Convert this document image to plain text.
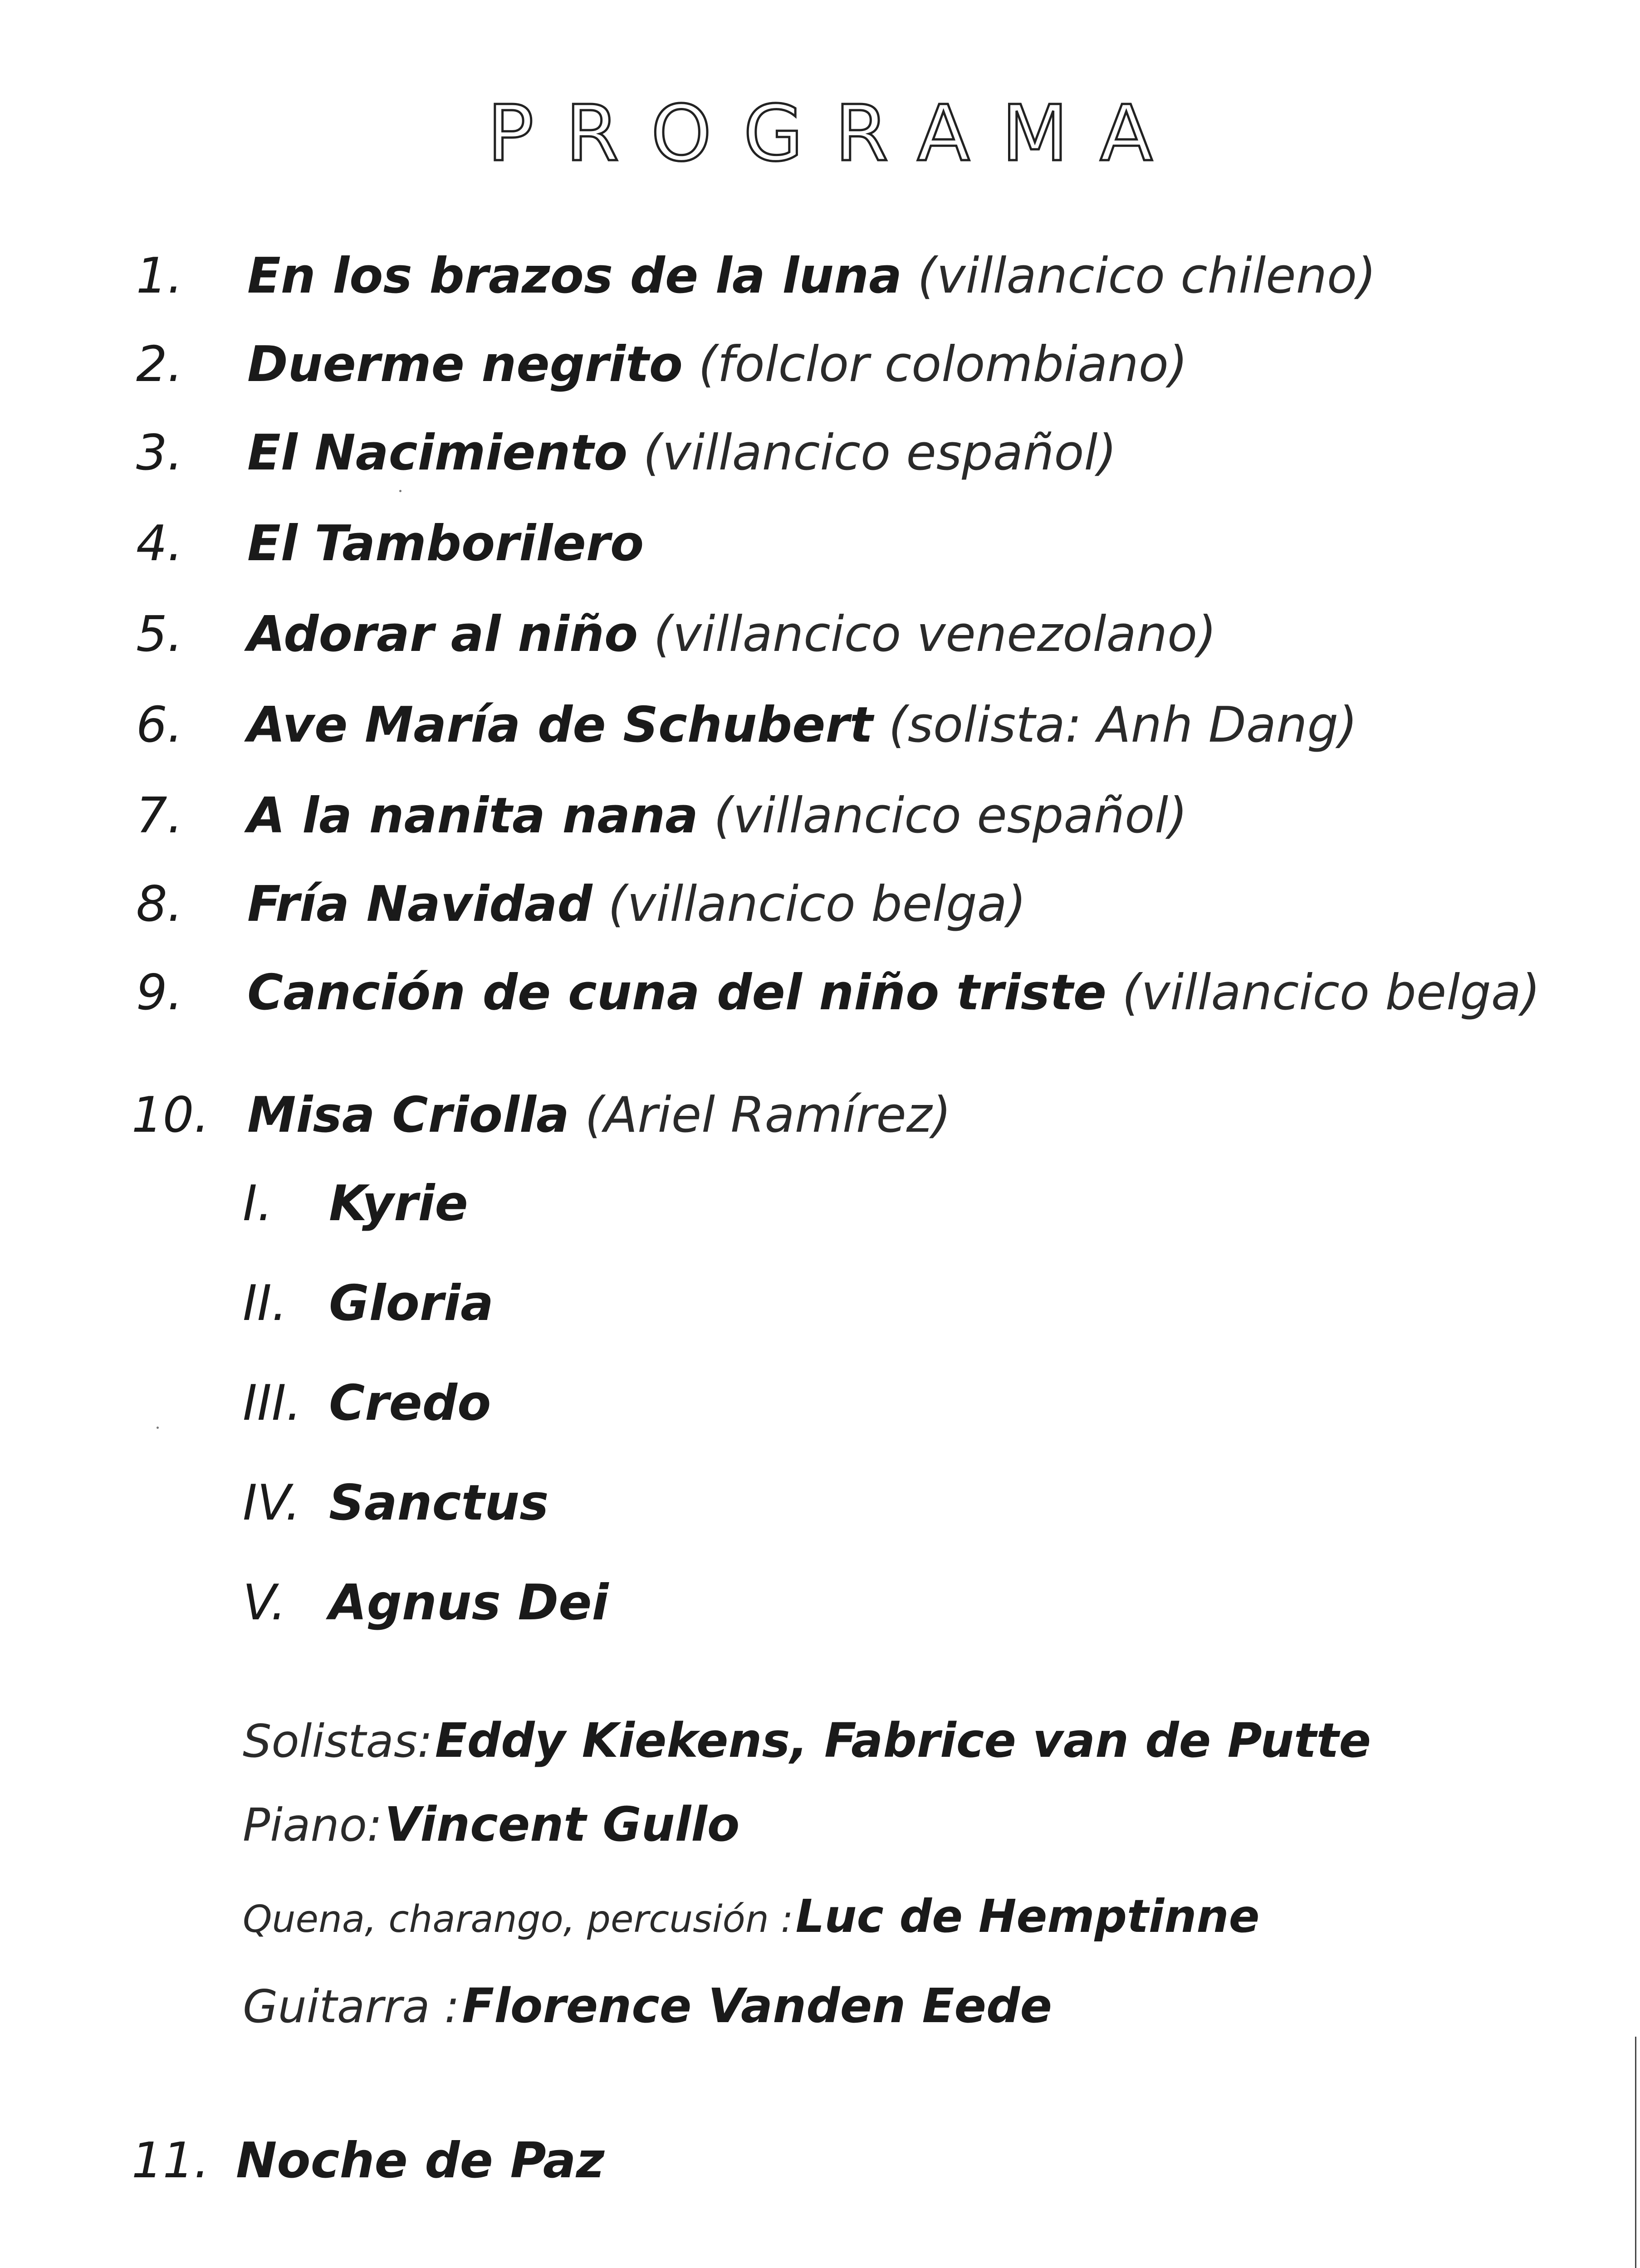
PROGRAMA
1. En los brazos de la luna (villancico chileno)
2. Duerme negrito (folclor colombiano)
3. El Nacimiento (villancico español)
4. El Tamborilero
5. Adorar al niño (villancico venezolano)
6. Ave María de Schubert (solista: Anh Dang)
7. A la nanita nana (villancico español)
8. Fría Navidad (villancico belga)
9. Canción de cuna del niño triste (villancico belga)
10. Misa Criolla (Ariel Ramírez)
I. Kyrie
II. Gloria
III. Credo
IV. Sanctus
V. Agnus Dei
Solistas: Eddy Kiekens, Fabrice van de Putte
Piano: Vincent Gullo
Quena, charango, percusión : Luc de Hemptinne
Guitarra : Florence Vanden Eede
11. Noche de Paz
